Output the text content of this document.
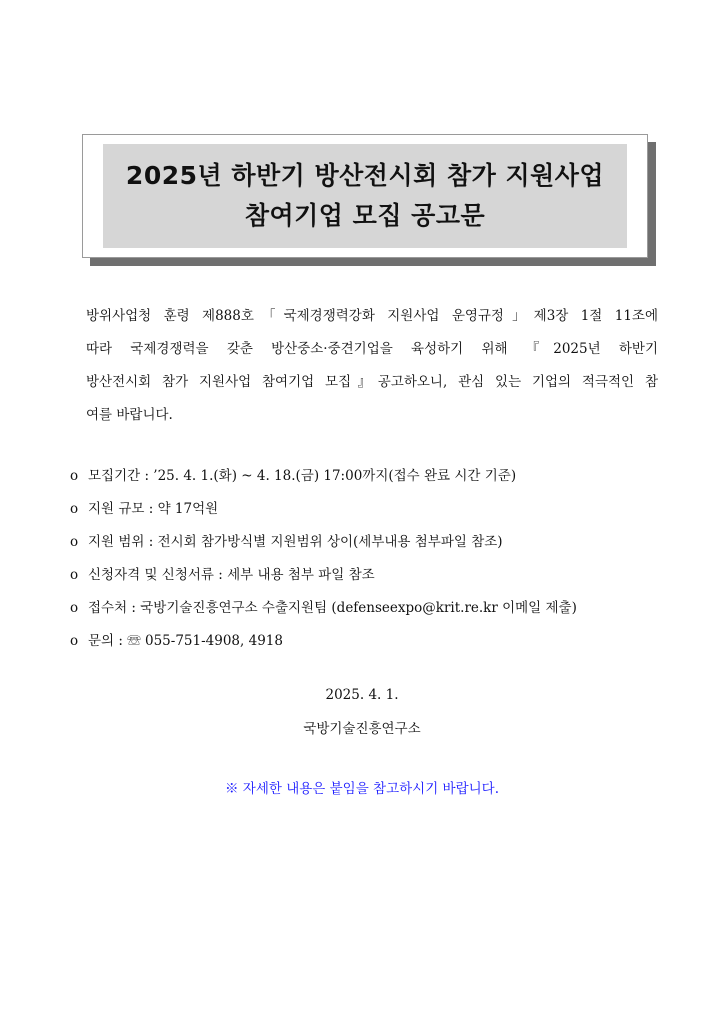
2025년 하반기 방산전시회 참가 지원사업
참여기업 모집 공고문
방위사업청 훈령 제888호「국제경쟁력강화 지원사업 운영규정」제3장 1절 11조에
따라 국제경쟁력을 갖춘 방산중소·중견기업을 육성하기 위해 『2025년 하반기
방산전시회 참가 지원사업 참여기업 모집』공고하오니, 관심 있는 기업의 적극적인 참
여를 바랍니다.
o 모집기간 : ’25. 4. 1.(화) ~ 4. 18.(금) 17:00까지(접수 완료 시간 기준)
o 지원 규모 : 약 17억원
o 지원 범위 : 전시회 참가방식별 지원범위 상이(세부내용 첨부파일 참조)
o 신청자격 및 신청서류 : 세부 내용 첨부 파일 참조
o 접수처 : 국방기술진흥연구소 수출지원팀 (defenseexpo@krit.re.kr 이메일 제출)
o 문의 : ☏ 055-751-4908, 4918
2025. 4. 1.
국방기술진흥연구소
※ 자세한 내용은 붙임을 참고하시기 바랍니다.
